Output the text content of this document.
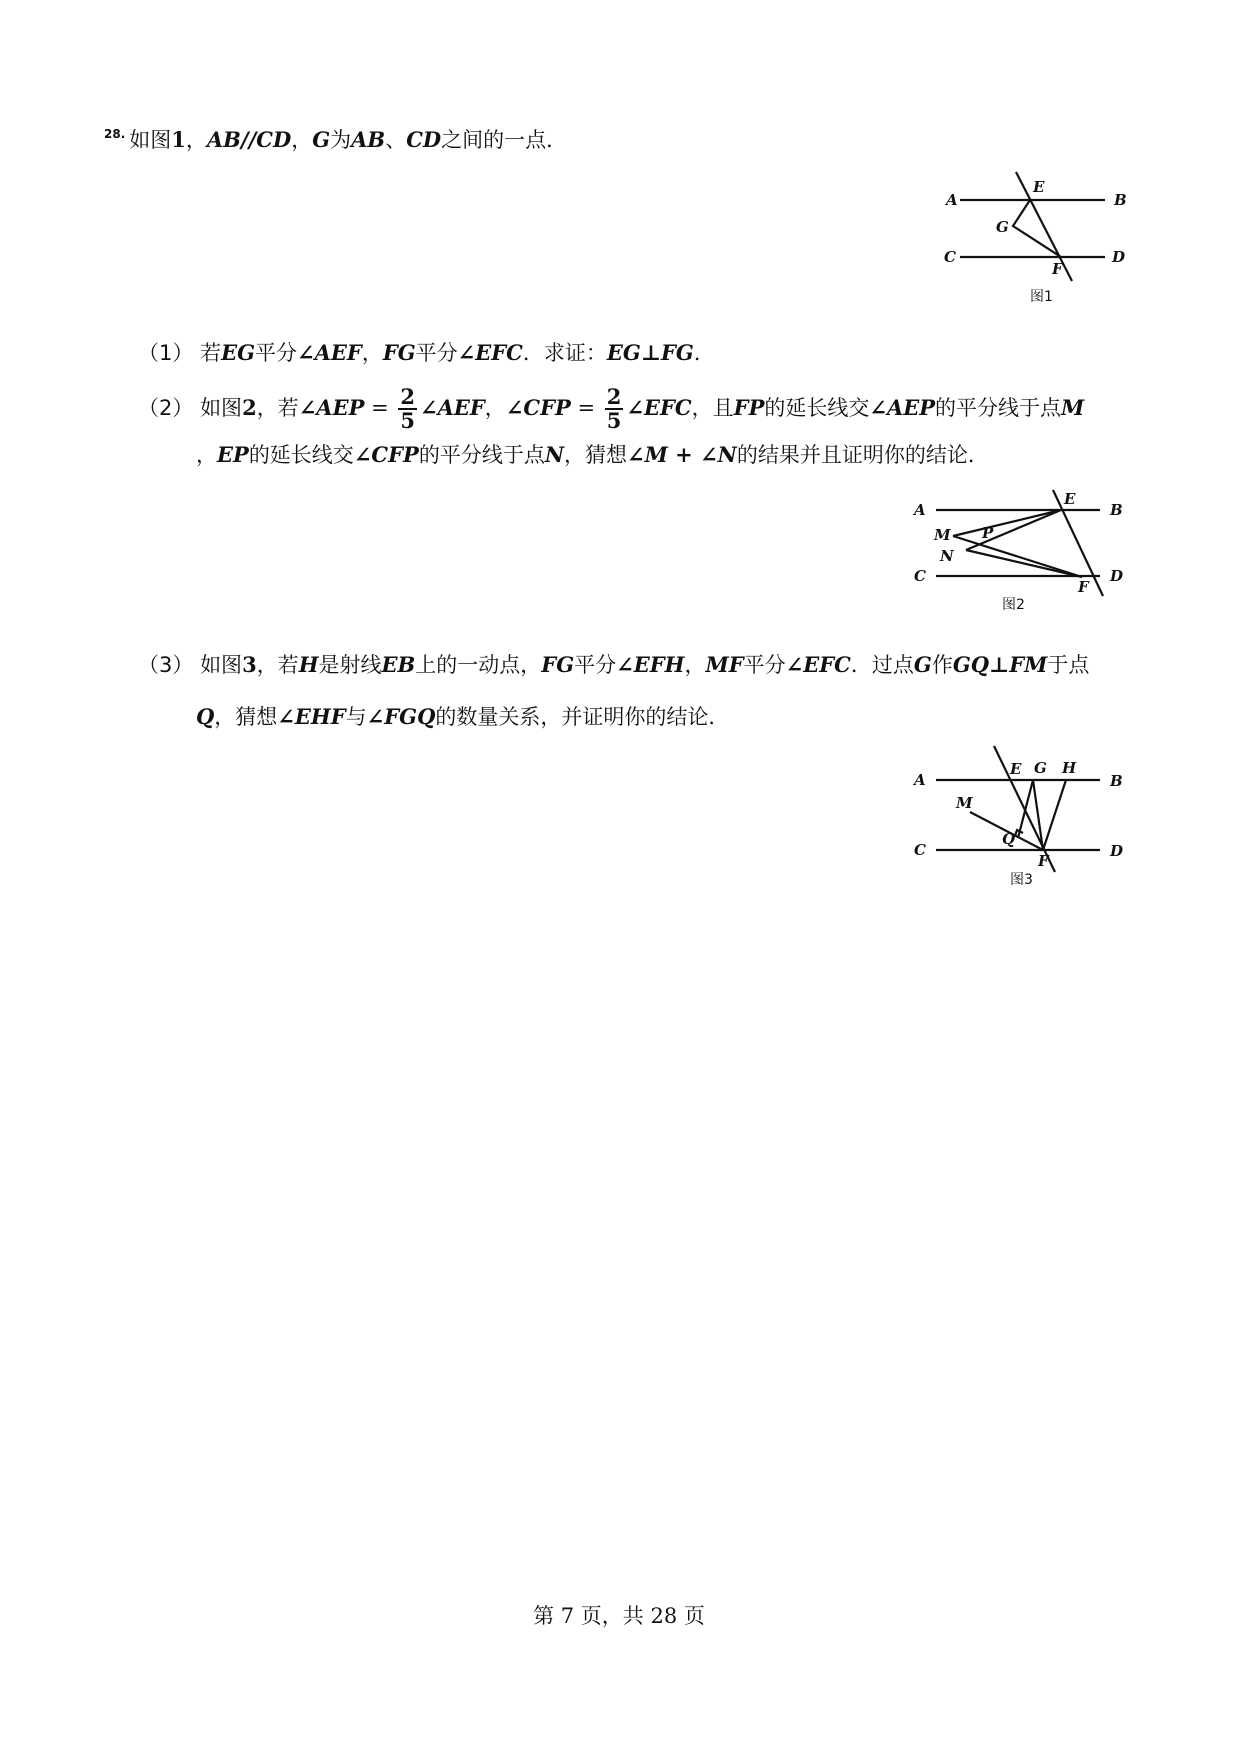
$^{28.}$ 如图1，AB//CD，G为AB、CD之间的一点．
A	B
C	D
E
F
G
图1
（1） 若EG平分∠AEF，FG平分∠EFC．求证：EG⊥FG．
（2） 如图2，若∠AEP = $\frac{2}{5}$ ∠AEF，∠CFP = $\frac{2}{5}$ ∠EFC，且FP的延长线交∠AEP的平分线于点M
，EP的延长线交∠CFP的平分线于点N，猜想∠M + ∠N的结果并且证明你的结论．
A	B
C	D
E
F
M
N
P
图2
（3） 如图3，若H是射线EB上的一动点，FG平分∠EFH，MF平分∠EFC．过点G作GQ⊥FM于点
Q，猜想∠EHF与∠FGQ的数量关系，并证明你的结论．
A	B
C	D
E G H
M
Q
F
图3
第 7 页，共 28 页
